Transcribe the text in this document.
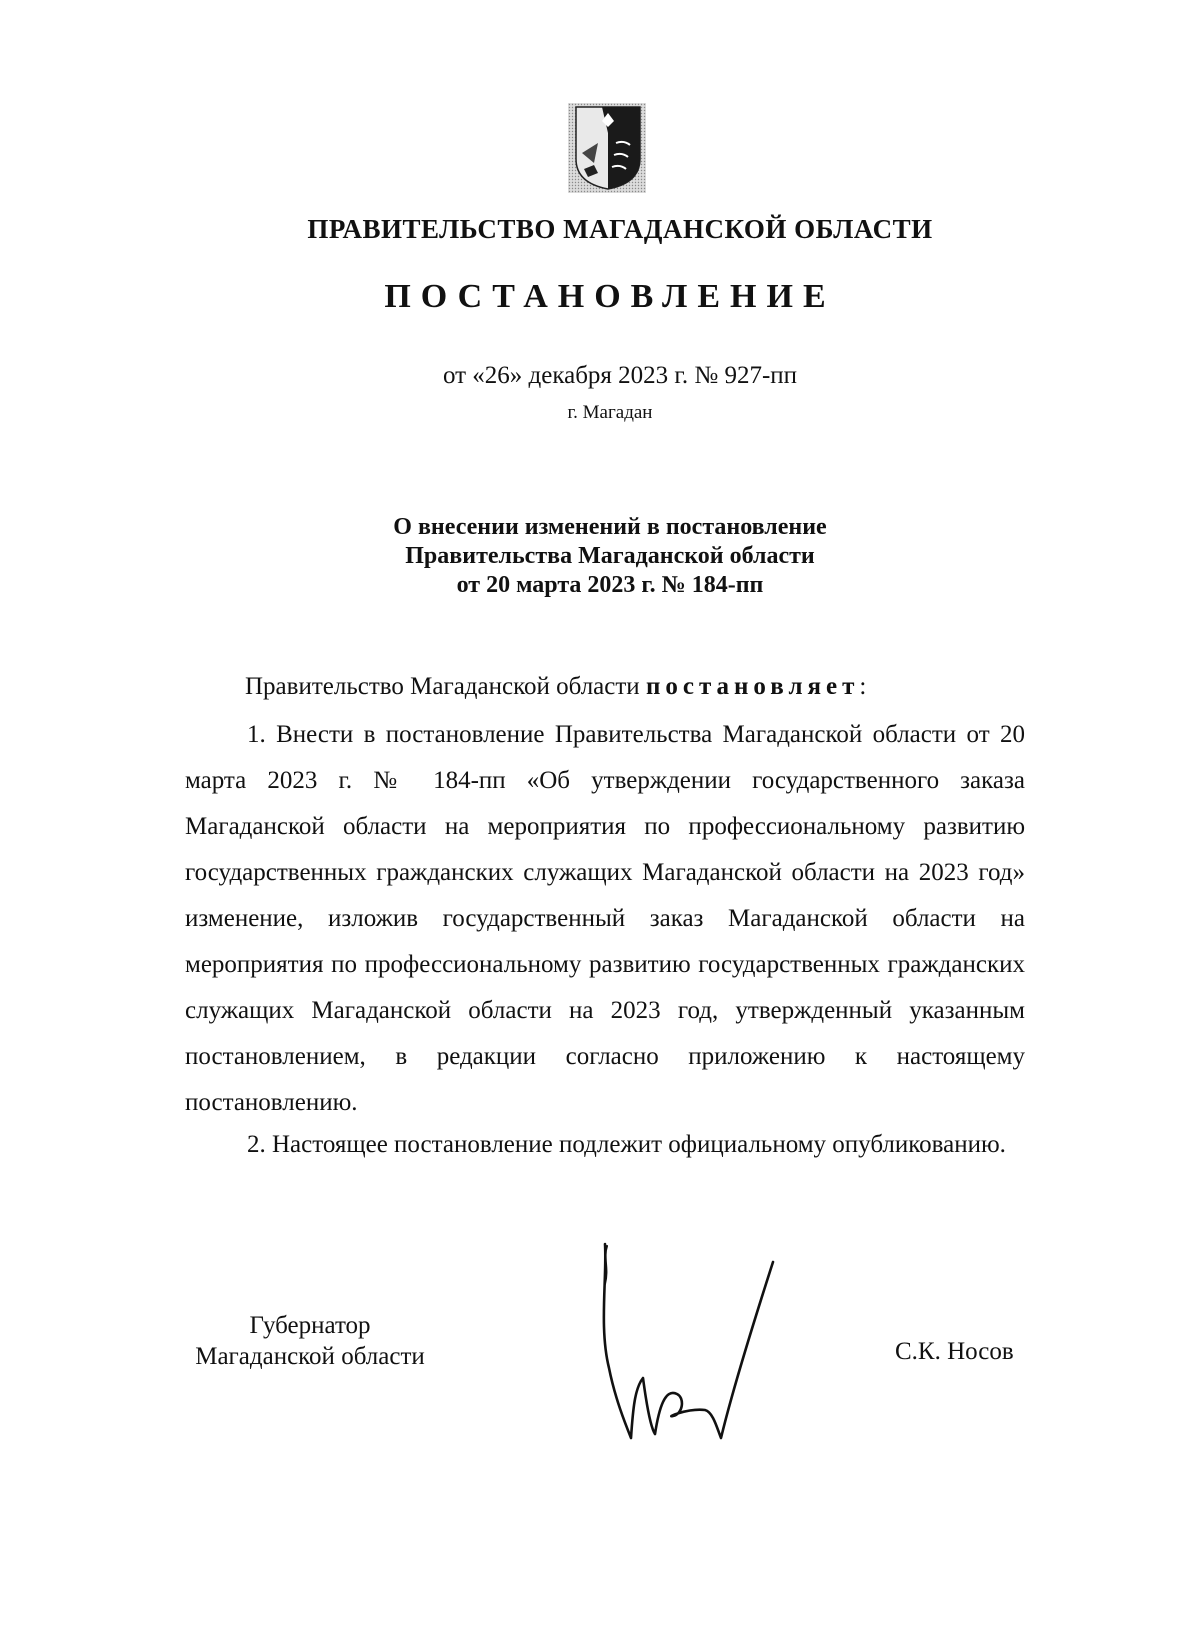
ПРАВИТЕЛЬСТВО МАГАДАНСКОЙ ОБЛАСТИ
ПОСТАНОВЛЕНИЕ
от «26» декабря 2023 г. № 927-пп
г. Магадан
О внесении изменений в постановление
Правительства Магаданской области
от 20 марта 2023 г. № 184-пп
Правительство Магаданской области постановляет:
1. Внести в постановление Правительства Магаданской области от 20 марта 2023 г. № 184-пп «Об утверждении государственного заказа Магаданской области на мероприятия по профессиональному развитию государственных гражданских служащих Магаданской области на 2023 год» изменение, изложив государственный заказ Магаданской области на мероприятия по профессиональному развитию государственных гражданских служащих Магаданской области на 2023 год, утвержденный указанным постановлением, в редакции согласно приложению к настоящему постановлению.
2. Настоящее постановление подлежит официальному опубликованию.
Губернатор
Магаданской области	С.К. Носов
